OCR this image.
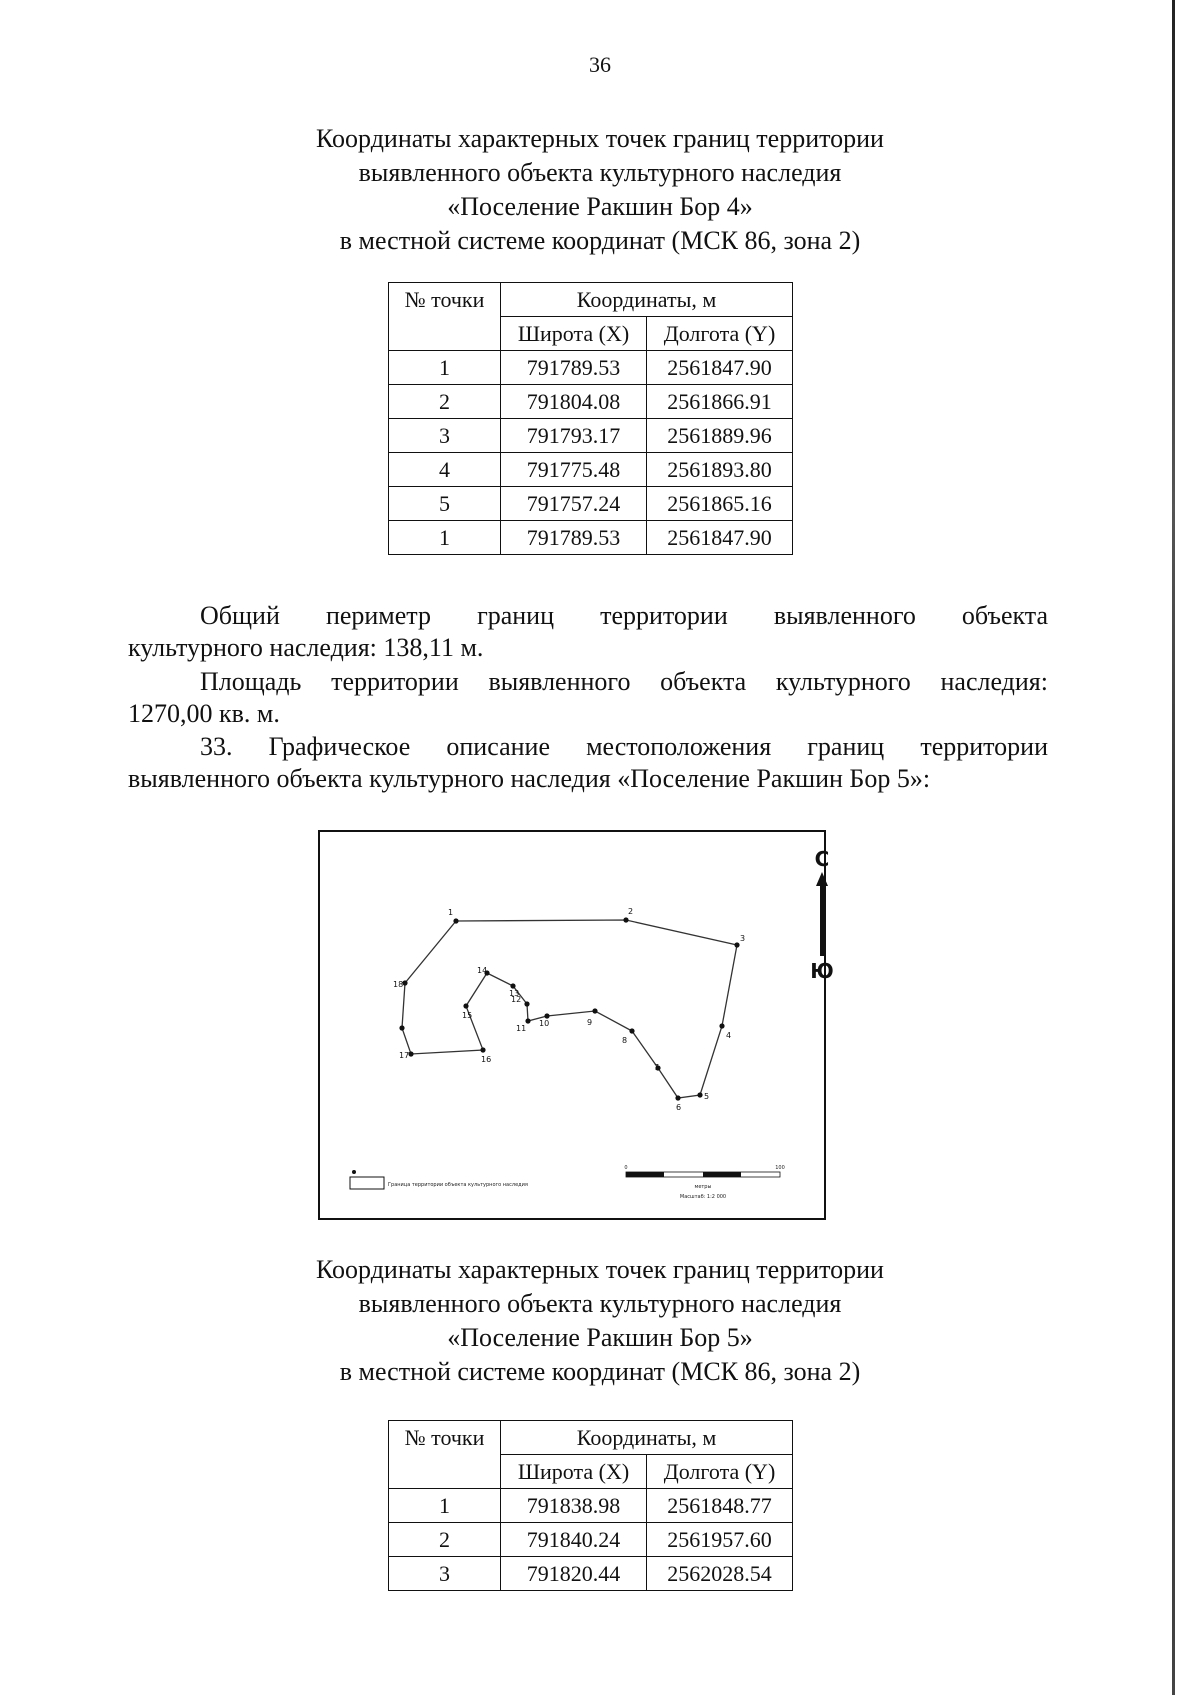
36
Координаты характерных точек границ территории
выявленного объекта культурного наследия
«Поселение Ракшин Бор 4»
в местной системе координат (МСК 86, зона 2)
№ точки	Координаты, м	
	Широта (X)	Долгота (Y)
1	791789.53	2561847.90
2	791804.08	2561866.91
3	791793.17	2561889.96
4	791775.48	2561893.80
5	791757.24	2561865.16
1	791789.53	2561847.90
Общий периметр границ территории выявленного объекта
культурного наследия: 138,11 м.
Площадь территории выявленного объекта культурного наследия:
1270,00 кв. м.
33. Графическое описание местоположения границ территории
выявленного объекта культурного наследия «Поселение Ракшин Бор 5»:
1	2
3
4
5
6
7
8
9
10
11
12
13
14
15
16
17
18
С
Ю
Граница территории объекта культурного наследия
0	100
метры
Масштаб: 1:2 000
Координаты характерных точек границ территории
выявленного объекта культурного наследия
«Поселение Ракшин Бор 5»
в местной системе координат (МСК 86, зона 2)
№ точки	Координаты, м	
	Широта (X)	Долгота (Y)
1	791838.98	2561848.77
2	791840.24	2561957.60
3	791820.44	2562028.54
